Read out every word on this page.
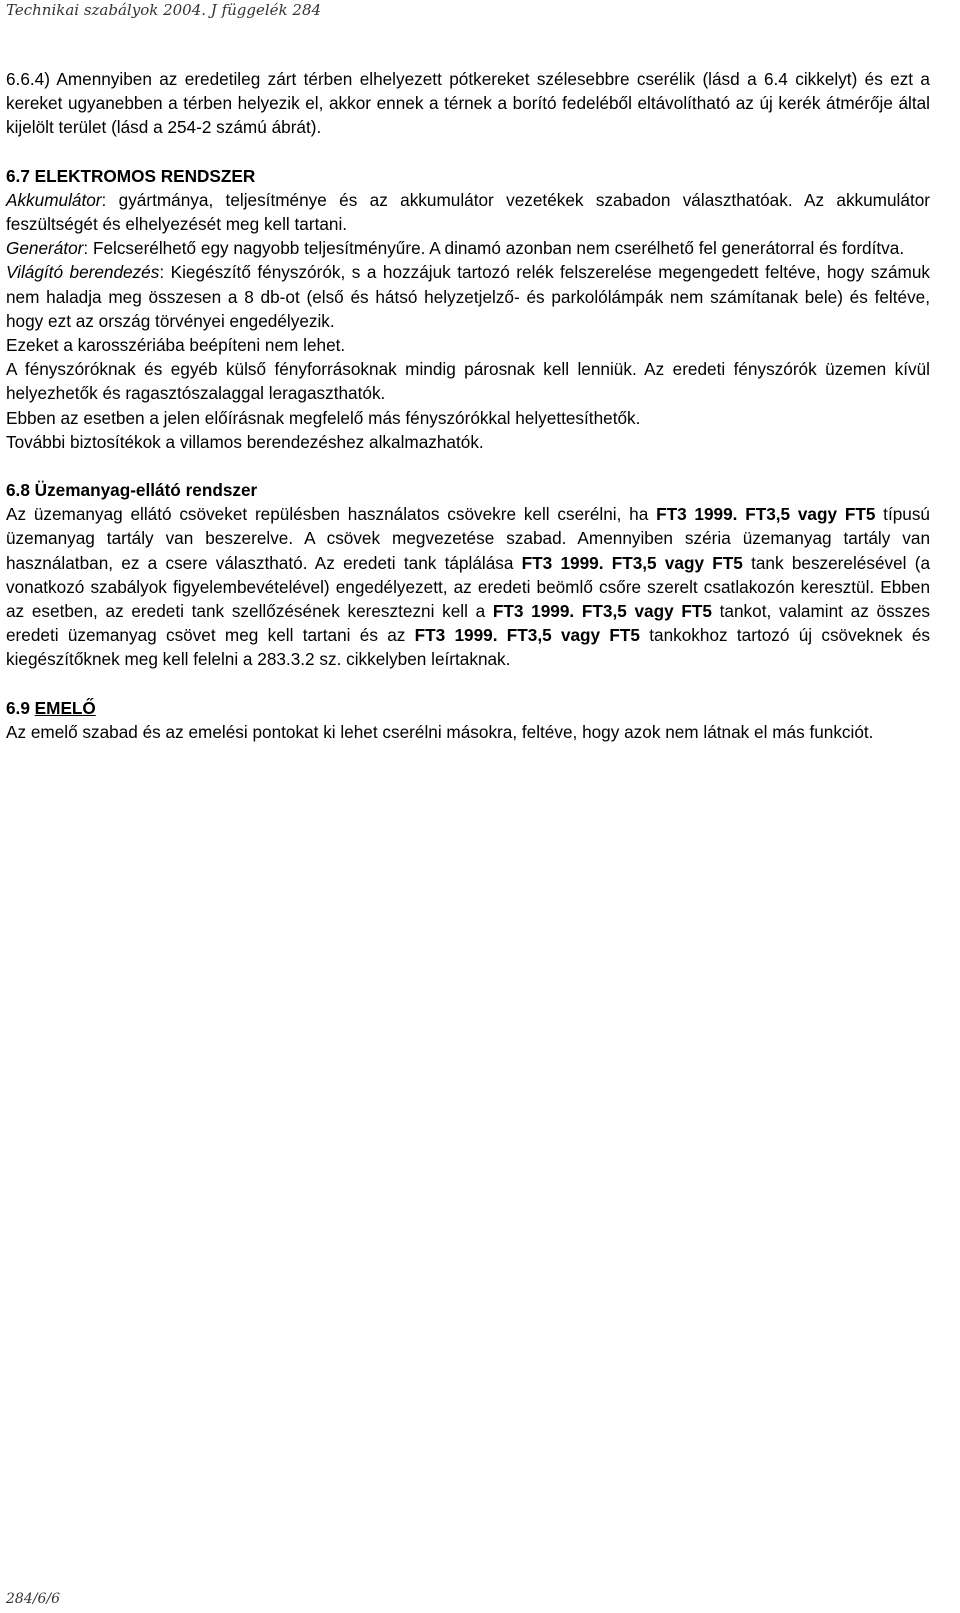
Technikai szabályok 2004. J függelék 284

6.6.4) Amennyiben az eredetileg zárt térben elhelyezett pótkereket szélesebbre cserélik (lásd a 6.4 cikkelyt) és ezt a kereket ugyanebben a térben helyezik el, akkor ennek a térnek a borító fedeléből eltávolítható az új kerék átmérője által kijelölt terület (lásd a 254-2 számú ábrát).

6.7 ELEKTROMOS RENDSZER

Akkumulátor: gyártmánya, teljesítménye és az akkumulátor vezetékek szabadon választhatóak. Az akkumulátor feszültségét és elhelyezését meg kell tartani.

Generátor: Felcserélhető egy nagyobb teljesítményűre. A dinamó azonban nem cserélhető fel generátorral és fordítva.

Világító berendezés: Kiegészítő fényszórók, s a hozzájuk tartozó relék felszerelése megengedett feltéve, hogy számuk nem haladja meg összesen a 8 db-ot (első és hátsó helyzetjelző- és parkolólámpák nem számítanak bele) és feltéve, hogy ezt az ország törvényei engedélyezik.

Ezeket a karosszériába beépíteni nem lehet.

A fényszóróknak és egyéb külső fényforrásoknak mindig párosnak kell lenniük. Az eredeti fényszórók üzemen kívül helyezhetők és ragasztószalaggal leragaszthatók.

Ebben az esetben a jelen előírásnak megfelelő más fényszórókkal helyettesíthetők.

További biztosítékok a villamos berendezéshez alkalmazhatók.

6.8 Üzemanyag-ellátó rendszer

Az üzemanyag ellátó csöveket repülésben használatos csövekre kell cserélni, ha FT3 1999. FT3,5 vagy FT5 típusú üzemanyag tartály van beszerelve. A csövek megvezetése szabad. Amennyiben széria üzemanyag tartály van használatban, ez a csere választható. Az eredeti tank táplálása FT3 1999. FT3,5 vagy FT5 tank beszerelésével (a vonatkozó szabályok figyelembevételével) engedélyezett, az eredeti beömlő csőre szerelt csatlakozón keresztül. Ebben az esetben, az eredeti tank szellőzésének keresztezni kell a FT3 1999. FT3,5 vagy FT5 tankot, valamint az összes eredeti üzemanyag csövet meg kell tartani és az FT3 1999. FT3,5 vagy FT5 tankokhoz tartozó új csöveknek és kiegészítőknek meg kell felelni a 283.3.2 sz. cikkelyben leírtaknak.

6.9 EMELŐ

Az emelő szabad és az emelési pontokat ki lehet cserélni másokra, feltéve, hogy azok nem látnak el más funkciót.

284/6/6
